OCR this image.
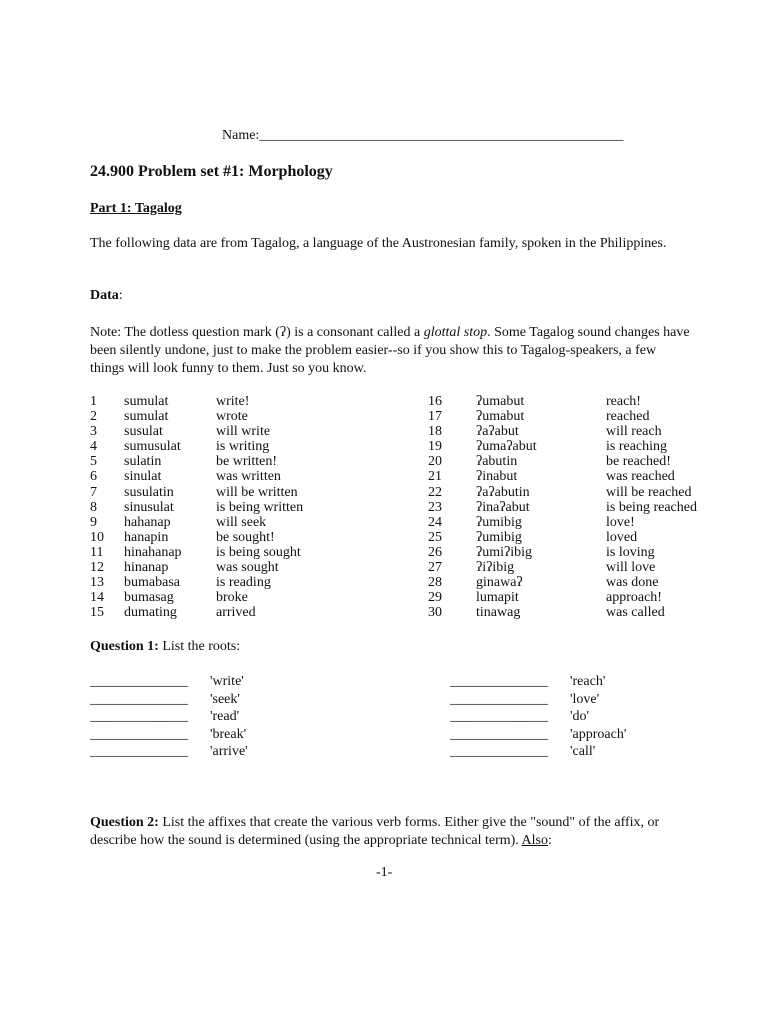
Name:____________________________________________________
24.900 Problem set #1: Morphology
Part 1: Tagalog
The following data are from Tagalog, a language of the Austronesian family, spoken in the Philippines.
Data:
Note: The dotless question mark (ʔ) is a consonant called a glottal stop. Some Tagalog sound changes have been silently undone, just to make the problem easier--so if you show this to Tagalog-speakers, a few things will look funny to them. Just so you know.
1	sumulat	write!
2	sumulat	wrote
3	susulat	will write
4	sumusulat	is writing
5	sulatin	be written!
6	sinulat	was written
7	susulatin	will be written
8	sinusulat	is being written
9	hahanap	will seek
10	hanapin	be sought!
11	hinahanap	is being sought
12	hinanap	was sought
13	bumabasa	is reading
14	bumasag	broke
15	dumating	arrived
16	ʔumabut	reach!
17	ʔumabut	reached
18	ʔaʔabut	will reach
19	ʔumaʔabut	is reaching
20	ʔabutin	be reached!
21	ʔinabut	was reached
22	ʔaʔabutin	will be reached
23	ʔinaʔabut	is being reached
24	ʔumibig	love!
25	ʔumibig	loved
26	ʔumiʔibig	is loving
27	ʔiʔibig	will love
28	ginawaʔ	was done
29	lumapit	approach!
30	tinawag	was called
Question 1: List the roots:
______________	'write'
______________	'seek'
______________	'read'
______________	'break'
______________	'arrive'
______________	'reach'
______________	'love'
______________	'do'
______________	'approach'
______________	'call'
Question 2: List the affixes that create the various verb forms. Either give the "sound" of the affix, or describe how the sound is determined (using the appropriate technical term). Also:
-1-
